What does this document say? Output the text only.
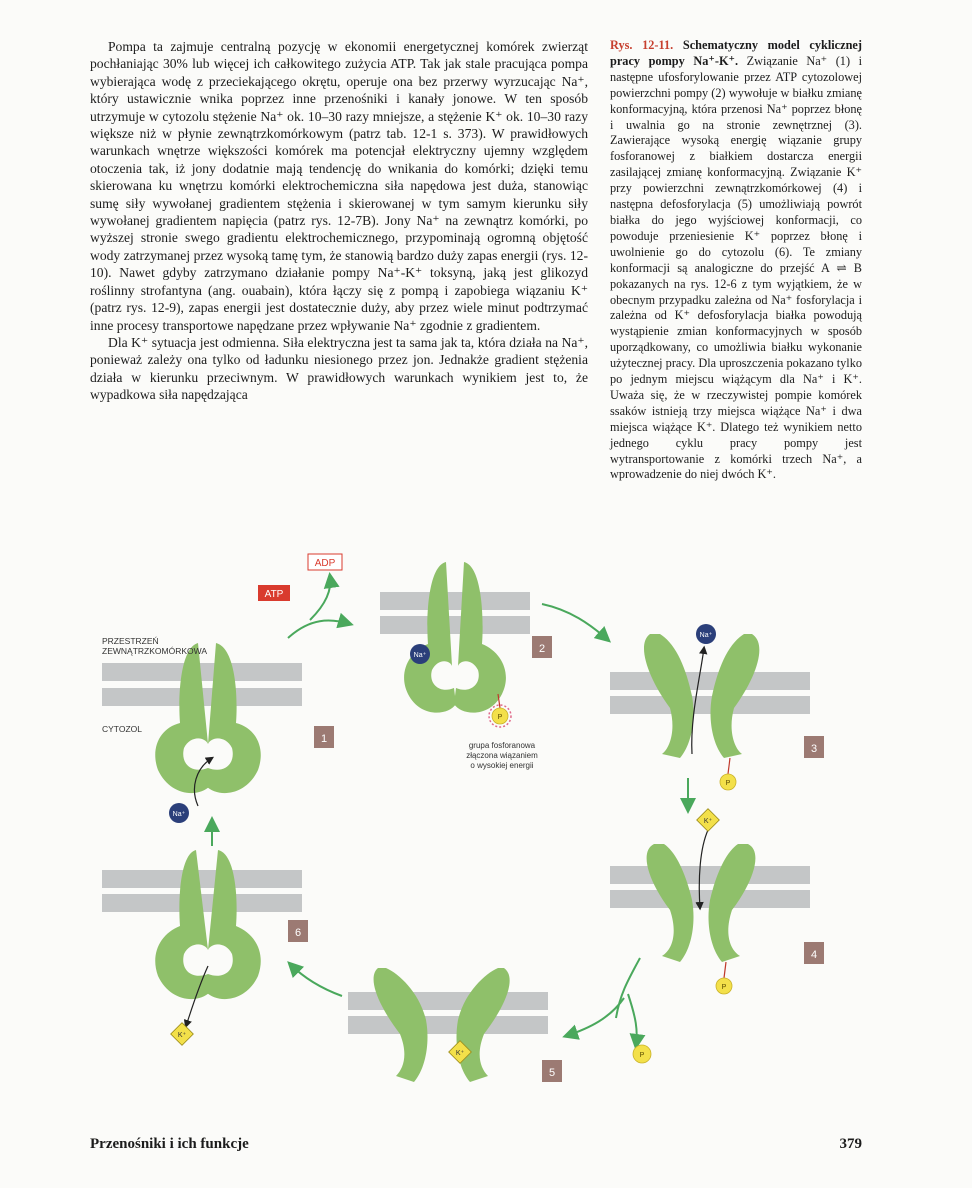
Pompa ta zajmuje centralną pozycję w ekonomii energetycznej komórek zwierząt pochłaniając 30% lub więcej ich całkowitego zużycia ATP. Tak jak stale pracująca pompa wybierająca wodę z przeciekającego okrętu, operuje ona bez przerwy wyrzucając Na⁺, który ustawicznie wnika poprzez inne przenośniki i kanały jonowe. W ten sposób utrzymuje w cytozolu stężenie Na⁺ ok. 10–30 razy mniejsze, a stężenie K⁺ ok. 10–30 razy większe niż w płynie zewnątrzkomórkowym (patrz tab. 12-1 s. 373). W prawidłowych warunkach wnętrze większości komórek ma potencjał elektryczny ujemny względem otoczenia tak, iż jony dodatnie mają tendencję do wnikania do komórki; dzięki temu skierowana ku wnętrzu komórki elektrochemiczna siła napędowa jest duża, stanowiąc sumę siły wywołanej gradientem stężenia i skierowanej w tym samym kierunku siły wywołanej gradientem napięcia (patrz rys. 12-7B). Jony Na⁺ na zewnątrz komórki, po wyższej stronie swego gradientu elektrochemicznego, przypominają ogromną objętość wody zatrzymanej przez wysoką tamę tym, że stanowią bardzo duży zapas energii (rys. 12-10). Nawet gdyby zatrzymano działanie pompy Na⁺-K⁺ toksyną, jaką jest glikozyd roślinny strofantyna (ang. ouabain), która łączy się z pompą i zapobiega wiązaniu K⁺ (patrz rys. 12-9), zapas energii jest dostatecznie duży, aby przez wiele minut podtrzymać inne procesy transportowe napędzane przez wpływanie Na⁺ zgodnie z gradientem.

Dla K⁺ sytuacja jest odmienna. Siła elektryczna jest ta sama jak ta, która działa na Na⁺, ponieważ zależy ona tylko od ładunku niesionego przez jon. Jednakże gradient stężenia działa w kierunku przeciwnym. W prawidłowych warunkach wynikiem jest to, że wypadkowa siła napędzająca

Rys. 12-11. Schematyczny model cyklicznej pracy pompy Na⁺-K⁺. Związanie Na⁺ (1) i następne ufosforylowanie przez ATP cytozolowej powierzchni pompy (2) wywołuje w białku zmianę konformacyjną, która przenosi Na⁺ poprzez błonę i uwalnia go na stronie zewnętrznej (3). Zawierające wysoką energię wiązanie grupy fosforanowej z białkiem dostarcza energii zasilającej zmianę konformacyjną. Związanie K⁺ przy powierzchni zewnątrzkomórkowej (4) i następna defosforylacja (5) umożliwiają powrót białka do jego wyjściowej konformacji, co powoduje przeniesienie K⁺ poprzez błonę i uwolnienie go do cytozolu (6). Te zmiany konformacji są analogiczne do przejść A ⇌ B pokazanych na rys. 12-6 z tym wyjątkiem, że w obecnym przypadku zależna od Na⁺ fosforylacja i zależna od K⁺ defosforylacja białka powodują wystąpienie zmian konformacyjnych w sposób uporządkowany, co umożliwia białku wykonanie użytecznej pracy. Dla uproszczenia pokazano tylko po jednym miejscu wiążącym dla Na⁺ i K⁺. Uważa się, że w rzeczywistej pompie komórek ssaków istnieją trzy miejsca wiążące Na⁺ i dwa miejsca wiążące K⁺. Dlatego też wynikiem netto jednego cyklu pracy pompy jest wytransportowanie z komórki trzech Na⁺, a wprowadzenie do niej dwóch K⁺.
1
PRZESTRZEŃ
ZEWNĄTRZKOMÓRKOWA
CYTOZOL
Na⁺
ATP
ADP
Na⁺
P
grupa fosforanowa
złączona wiązaniem
o wysokiej energii
2
Na⁺
P
3
K⁺
P
4
P
K⁺
5
K⁺
6
Przenośniki i ich funkcje	379
